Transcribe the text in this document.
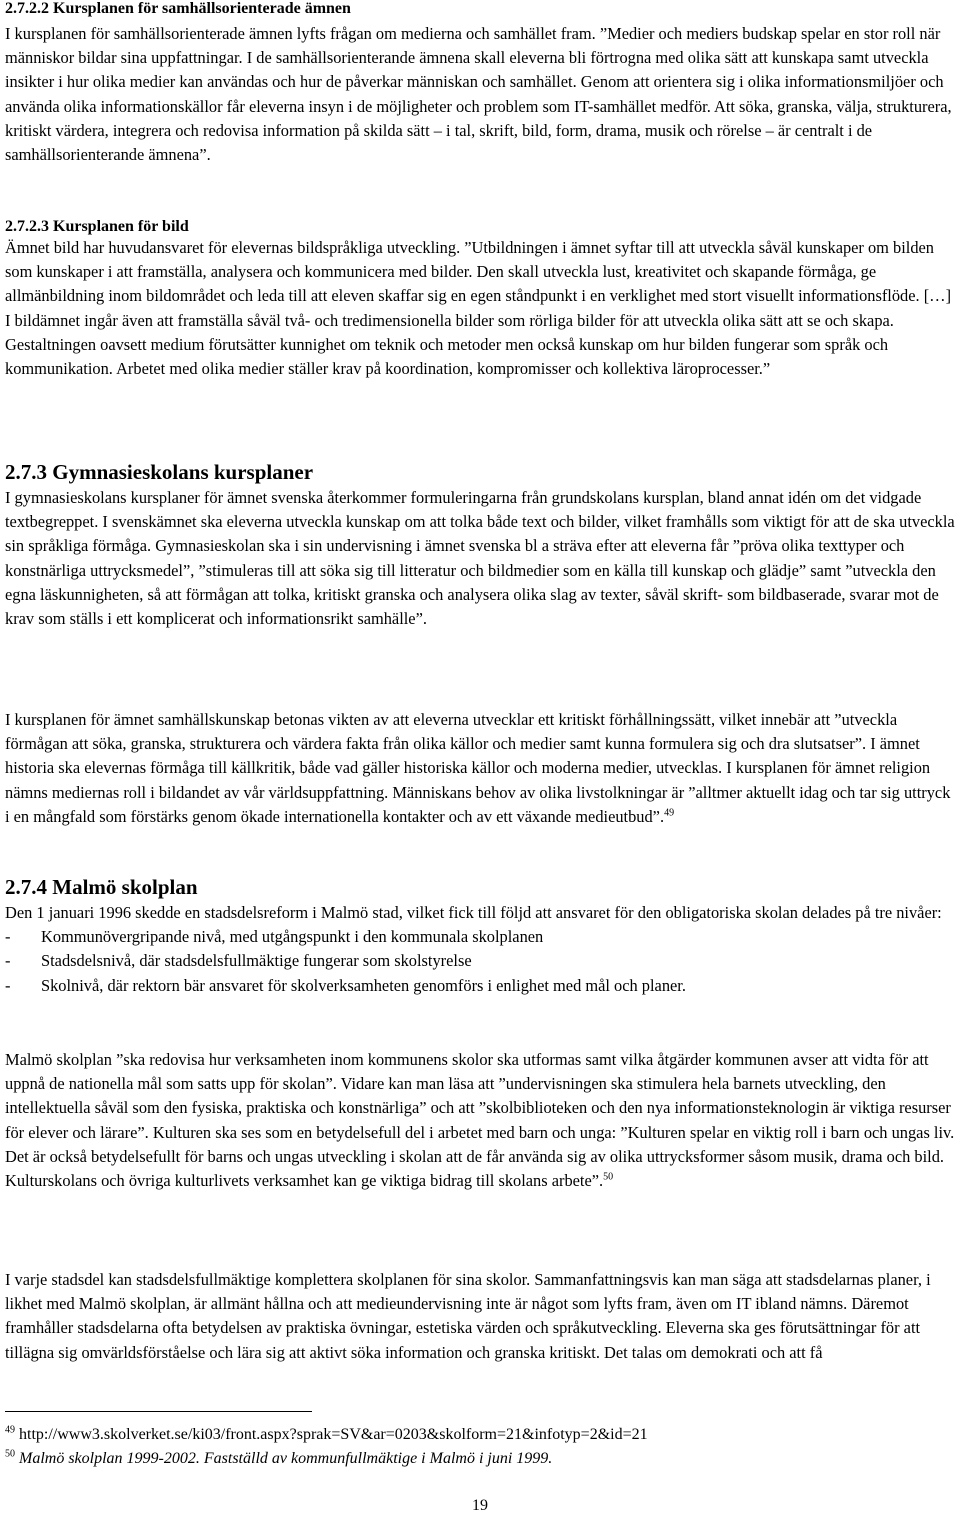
2.7.2.2 Kursplanen för samhällsorienterade ämnen

I kursplanen för samhällsorienterade ämnen lyfts frågan om medierna och samhället fram. ”Medier och mediers budskap spelar en stor roll när människor bildar sina uppfattningar. I de samhällsorienterande ämnena skall eleverna bli förtrogna med olika sätt att kunskapa samt utveckla insikter i hur olika medier kan användas och hur de påverkar människan och samhället. Genom att orientera sig i olika informationsmiljöer och använda olika informationskällor får eleverna insyn i de möjligheter och problem som IT-samhället medför. Att söka, granska, välja, strukturera, kritiskt värdera, integrera och redovisa information på skilda sätt – i tal, skrift, bild, form, drama, musik och rörelse – är centralt i de samhällsorienterande ämnena”.

2.7.2.3 Kursplanen för bild

Ämnet bild har huvudansvaret för elevernas bildspråkliga utveckling. ”Utbildningen i ämnet syftar till att utveckla såväl kunskaper om bilden som kunskaper i att framställa, analysera och kommunicera med bilder. Den skall utveckla lust, kreativitet och skapande förmåga, ge allmänbildning inom bildområdet och leda till att eleven skaffar sig en egen ståndpunkt i en verklighet med stort visuellt informationsflöde. […] I bildämnet ingår även att framställa såväl två- och tredimensionella bilder som rörliga bilder för att utveckla olika sätt att se och skapa. Gestaltningen oavsett medium förutsätter kunnighet om teknik och metoder men också kunskap om hur bilden fungerar som språk och kommunikation. Arbetet med olika medier ställer krav på koordination, kompromisser och kollektiva läroprocesser.”

2.7.3 Gymnasieskolans kursplaner

I gymnasieskolans kursplaner för ämnet svenska återkommer formuleringarna från grundskolans kursplan, bland annat idén om det vidgade textbegreppet. I svenskämnet ska eleverna utveckla kunskap om att tolka både text och bilder, vilket framhålls som viktigt för att de ska utveckla sin språkliga förmåga. Gymnasieskolan ska i sin undervisning i ämnet svenska bl a sträva efter att eleverna får ”pröva olika texttyper och konstnärliga uttrycksmedel”, ”stimuleras till att söka sig till litteratur och bildmedier som en källa till kunskap och glädje” samt ”utveckla den egna läskunnigheten, så att förmågan att tolka, kritiskt granska och analysera olika slag av texter, såväl skrift- som bildbaserade, svarar mot de krav som ställs i ett komplicerat och informationsrikt samhälle”.

I kursplanen för ämnet samhällskunskap betonas vikten av att eleverna utvecklar ett kritiskt förhållningssätt, vilket innebär att ”utveckla förmågan att söka, granska, strukturera och värdera fakta från olika källor och medier samt kunna formulera sig och dra slutsatser”. I ämnet historia ska elevernas förmåga till källkritik, både vad gäller historiska källor och moderna medier, utvecklas. I kursplanen för ämnet religion nämns mediernas roll i bildandet av vår världsuppfattning. Människans behov av olika livstolkningar är ”alltmer aktuellt idag och tar sig uttryck i en mångfald som förstärks genom ökade internationella kontakter och av ett växande medieutbud”.$^{49}$

2.7.4 Malmö skolplan

Den 1 januari 1996 skedde en stadsdelsreform i Malmö stad, vilket fick till följd att ansvaret för den obligatoriska skolan delades på tre nivåer:

-	Kommunövergripande nivå, med utgångspunkt i den kommunala skolplanen
-	Stadsdelsnivå, där stadsdelsfullmäktige fungerar som skolstyrelse
-	Skolnivå, där rektorn bär ansvaret för skolverksamheten genomförs i enlighet med mål och planer.

Malmö skolplan ”ska redovisa hur verksamheten inom kommunens skolor ska utformas samt vilka åtgärder kommunen avser att vidta för att uppnå de nationella mål som satts upp för skolan”. Vidare kan man läsa att ”undervisningen ska stimulera hela barnets utveckling, den intellektuella såväl som den fysiska, praktiska och konstnärliga” och att ”skolbiblioteken och den nya informationsteknologin är viktiga resurser för elever och lärare”. Kulturen ska ses som en betydelsefull del i arbetet med barn och unga: ”Kulturen spelar en viktig roll i barn och ungas liv. Det är också betydelsefullt för barns och ungas utveckling i skolan att de får använda sig av olika uttrycksformer såsom musik, drama och bild. Kulturskolans och övriga kulturlivets verksamhet kan ge viktiga bidrag till skolans arbete”.$^{50}$

I varje stadsdel kan stadsdelsfullmäktige komplettera skolplanen för sina skolor. Sammanfattningsvis kan man säga att stadsdelarnas planer, i likhet med Malmö skolplan, är allmänt hållna och att medieundervisning inte är något som lyfts fram, även om IT ibland nämns. Däremot framhåller stadsdelarna ofta betydelsen av praktiska övningar, estetiska värden och språkutveckling. Eleverna ska ges förutsättningar för att tillägna sig omvärldsförståelse och lära sig att aktivt söka information och granska kritiskt. Det talas om demokrati och att få

$^{49}$ http://www3.skolverket.se/ki03/front.aspx?sprak=SV&ar=0203&skolform=21&infotyp=2&id=21

$^{50}$ Malmö skolplan 1999-2002. Fastställd av kommunfullmäktige i Malmö i juni 1999.

19
